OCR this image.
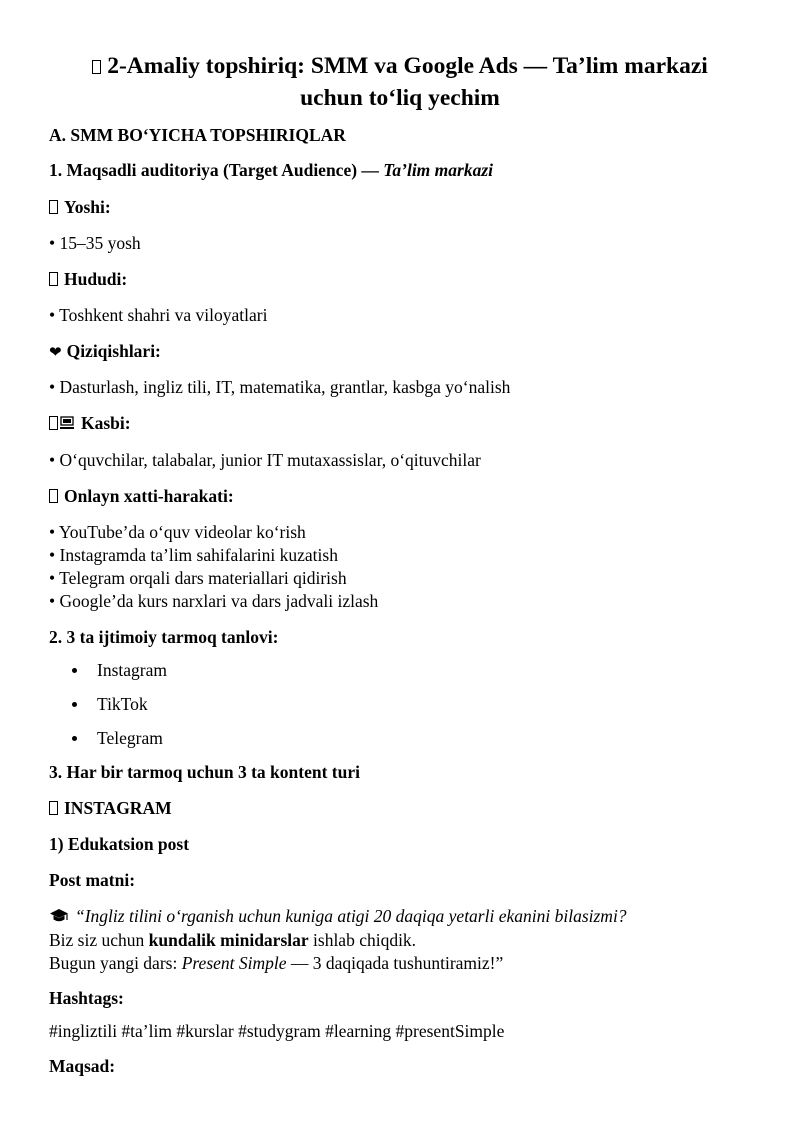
2-Amaliy topshiriq: SMM va Google Ads — Ta’lim markazi
uchun to‘liq yechim
A. SMM BO‘YICHA TOPSHIRIQLAR
1. Maqsadli auditoriya (Target Audience) — Ta’lim markazi
Yoshi:
• 15–35 yosh
Hududi:
• Toshkent shahri va viloyatlari
❤ Qiziqishlari:
• Dasturlash, ingliz tili, IT, matematika, grantlar, kasbga yo‘nalish
Kasbi:
• O‘quvchilar, talabalar, junior IT mutaxassislar, o‘qituvchilar
Onlayn xatti-harakati:
• YouTube’da o‘quv videolar ko‘rish
• Instagramda ta’lim sahifalarini kuzatish
• Telegram orqali dars materiallari qidirish
• Google’da kurs narxlari va dars jadvali izlash
2. 3 ta ijtimoiy tarmoq tanlovi:
Instagram
TikTok
Telegram
3. Har bir tarmoq uchun 3 ta kontent turi
INSTAGRAM
1) Edukatsion post
Post matni:
“Ingliz tilini o‘rganish uchun kuniga atigi 20 daqiqa yetarli ekanini bilasizmi?
Biz siz uchun kundalik minidarslar ishlab chiqdik.
Bugun yangi dars: Present Simple — 3 daqiqada tushuntiramiz!”
Hashtags:
#ingliztili #ta’lim #kurslar #studygram #learning #presentSimple
Maqsad:
